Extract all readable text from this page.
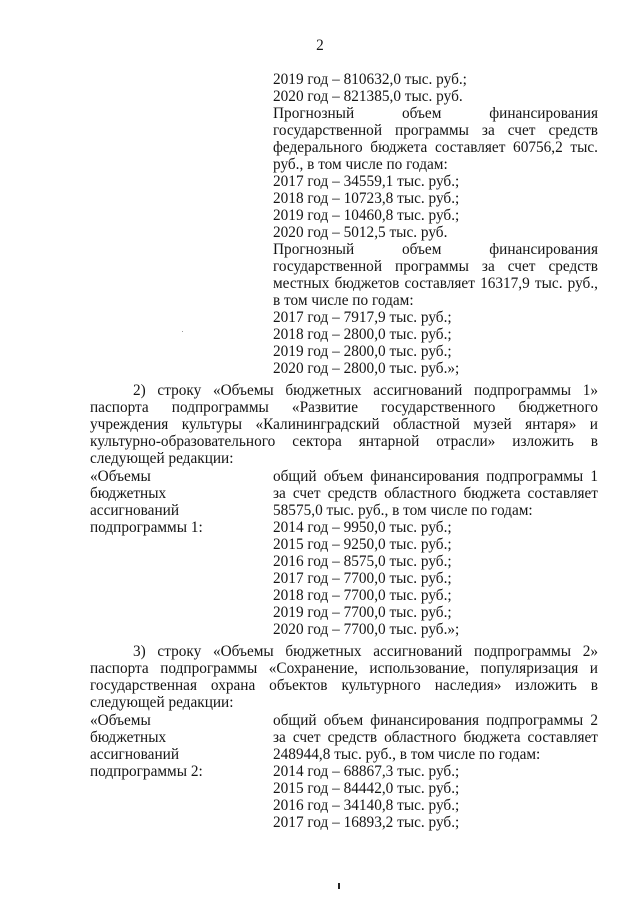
2
2019 год – 810632,0 тыс. руб.;
2020 год – 821385,0 тыс. руб.
Прогнозный объем финансирования
государственной программы за счет средств
федерального бюджета составляет 60756,2 тыс.
руб., в том числе по годам:
2017 год – 34559,1 тыс. руб.;
2018 год – 10723,8 тыс. руб.;
2019 год – 10460,8 тыс. руб.;
2020 год – 5012,5 тыс. руб.
Прогнозный объем финансирования
государственной программы за счет средств
местных бюджетов составляет 16317,9 тыс. руб.,
в том числе по годам:
2017 год – 7917,9 тыс. руб.;
2018 год – 2800,0 тыс. руб.;
2019 год – 2800,0 тыс. руб.;
2020 год – 2800,0 тыс. руб.»;
2) строку «Объемы бюджетных ассигнований подпрограммы 1»
паспорта подпрограммы «Развитие государственного бюджетного
учреждения культуры «Калининградский областной музей янтаря» и
культурно-образовательного сектора янтарной отрасли» изложить в
следующей редакции:
«Объемы
бюджетных
ассигнований
подпрограммы 1:
общий объем финансирования подпрограммы 1
за счет средств областного бюджета составляет
58575,0 тыс. руб., в том числе по годам:
2014 год – 9950,0 тыс. руб.;
2015 год – 9250,0 тыс. руб.;
2016 год – 8575,0 тыс. руб.;
2017 год – 7700,0 тыс. руб.;
2018 год – 7700,0 тыс. руб.;
2019 год – 7700,0 тыс. руб.;
2020 год – 7700,0 тыс. руб.»;
3) строку «Объемы бюджетных ассигнований подпрограммы 2»
паспорта подпрограммы «Сохранение, использование, популяризация и
государственная охрана объектов культурного наследия» изложить в
следующей редакции:
«Объемы
бюджетных
ассигнований
подпрограммы 2:
общий объем финансирования подпрограммы 2
за счет средств областного бюджета составляет
248944,8 тыс. руб., в том числе по годам:
2014 год – 68867,3 тыс. руб.;
2015 год – 84442,0 тыс. руб.;
2016 год – 34140,8 тыс. руб.;
2017 год – 16893,2 тыс. руб.;
